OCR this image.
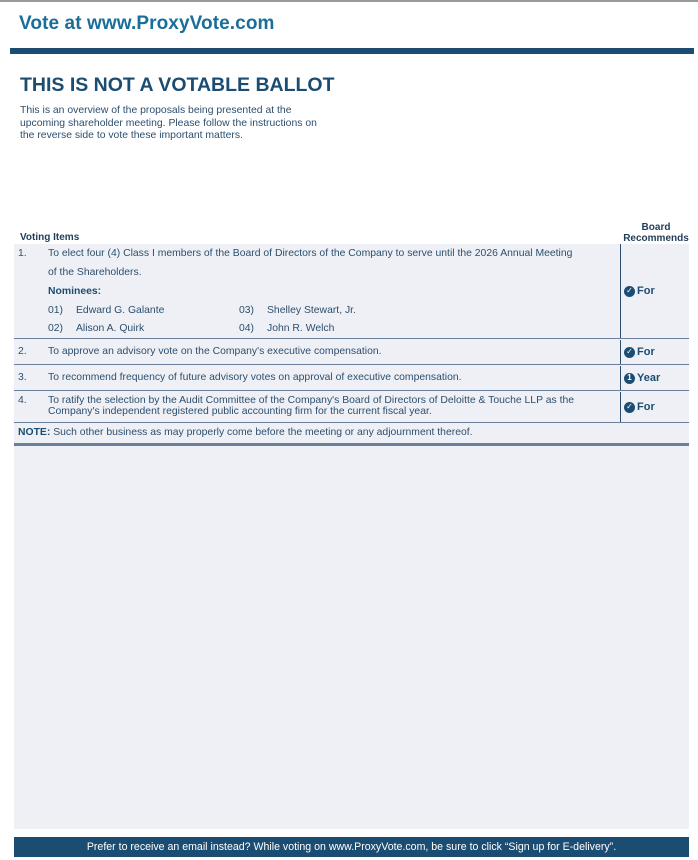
Vote at www.ProxyVote.com
THIS IS NOT A VOTABLE BALLOT
This is an overview of the proposals being presented at the
upcoming shareholder meeting. Please follow the instructions on
the reverse side to vote these important matters.
Voting Items
Board
Recommends
1. To elect four (4) Class I members of the Board of Directors of the Company to serve until the 2026 Annual Meeting
of the Shareholders.
Nominees:
01) Edward G. Galante
02) Alison A. Quirk
03) Shelley Stewart, Jr.
04) John R. Welch
✓ For
2. To approve an advisory vote on the Company's executive compensation.	✓ For
3. To recommend frequency of future advisory votes on approval of executive compensation.	1 Year
4. To ratify the selection by the Audit Committee of the Company's Board of Directors of Deloitte & Touche LLP as the
Company's independent registered public accounting firm for the current fiscal year.	✓ For
NOTE: Such other business as may properly come before the meeting or any adjournment thereof.
Prefer to receive an email instead? While voting on www.ProxyVote.com, be sure to click “Sign up for E-delivery”.
